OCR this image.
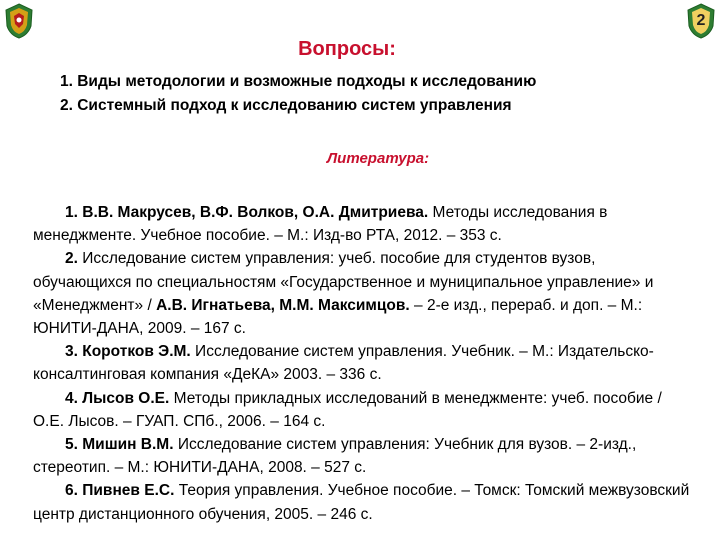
2
Вопросы:
1. Виды методологии и возможные подходы к исследованию
2. Системный подход к исследованию систем управления
Литература:

1. В.В. Макрусев, В.Ф. Волков, О.А. Дмитриева. Методы исследования в менеджменте. Учебное пособие. – М.: Изд-во РТА, 2012. – 353 с.

2. Исследование систем управления: учеб. пособие для студентов вузов, обучающихся по специальностям «Государственное и муниципальное управление» и «Менеджмент» / А.В. Игнатьева, М.М. Максимцов. – 2-е изд., перераб. и доп. – М.: ЮНИТИ-ДАНА, 2009. – 167 с.

3. Коротков Э.М. Исследование систем управления. Учебник. – М.: Издательско-консалтинговая компания «ДеКА» 2003. – 336 с.

4. Лысов О.Е. Методы прикладных исследований в менеджменте: учеб. пособие / О.Е. Лысов. – ГУАП. СПб., 2006. – 164 с.

5. Мишин В.М. Исследование систем управления: Учебник для вузов. – 2-изд., стереотип. – М.: ЮНИТИ-ДАНА, 2008. – 527 с.

6. Пивнев Е.С. Теория управления. Учебное пособие. – Томск: Томский межвузовский центр дистанционного обучения, 2005. – 246 с.
